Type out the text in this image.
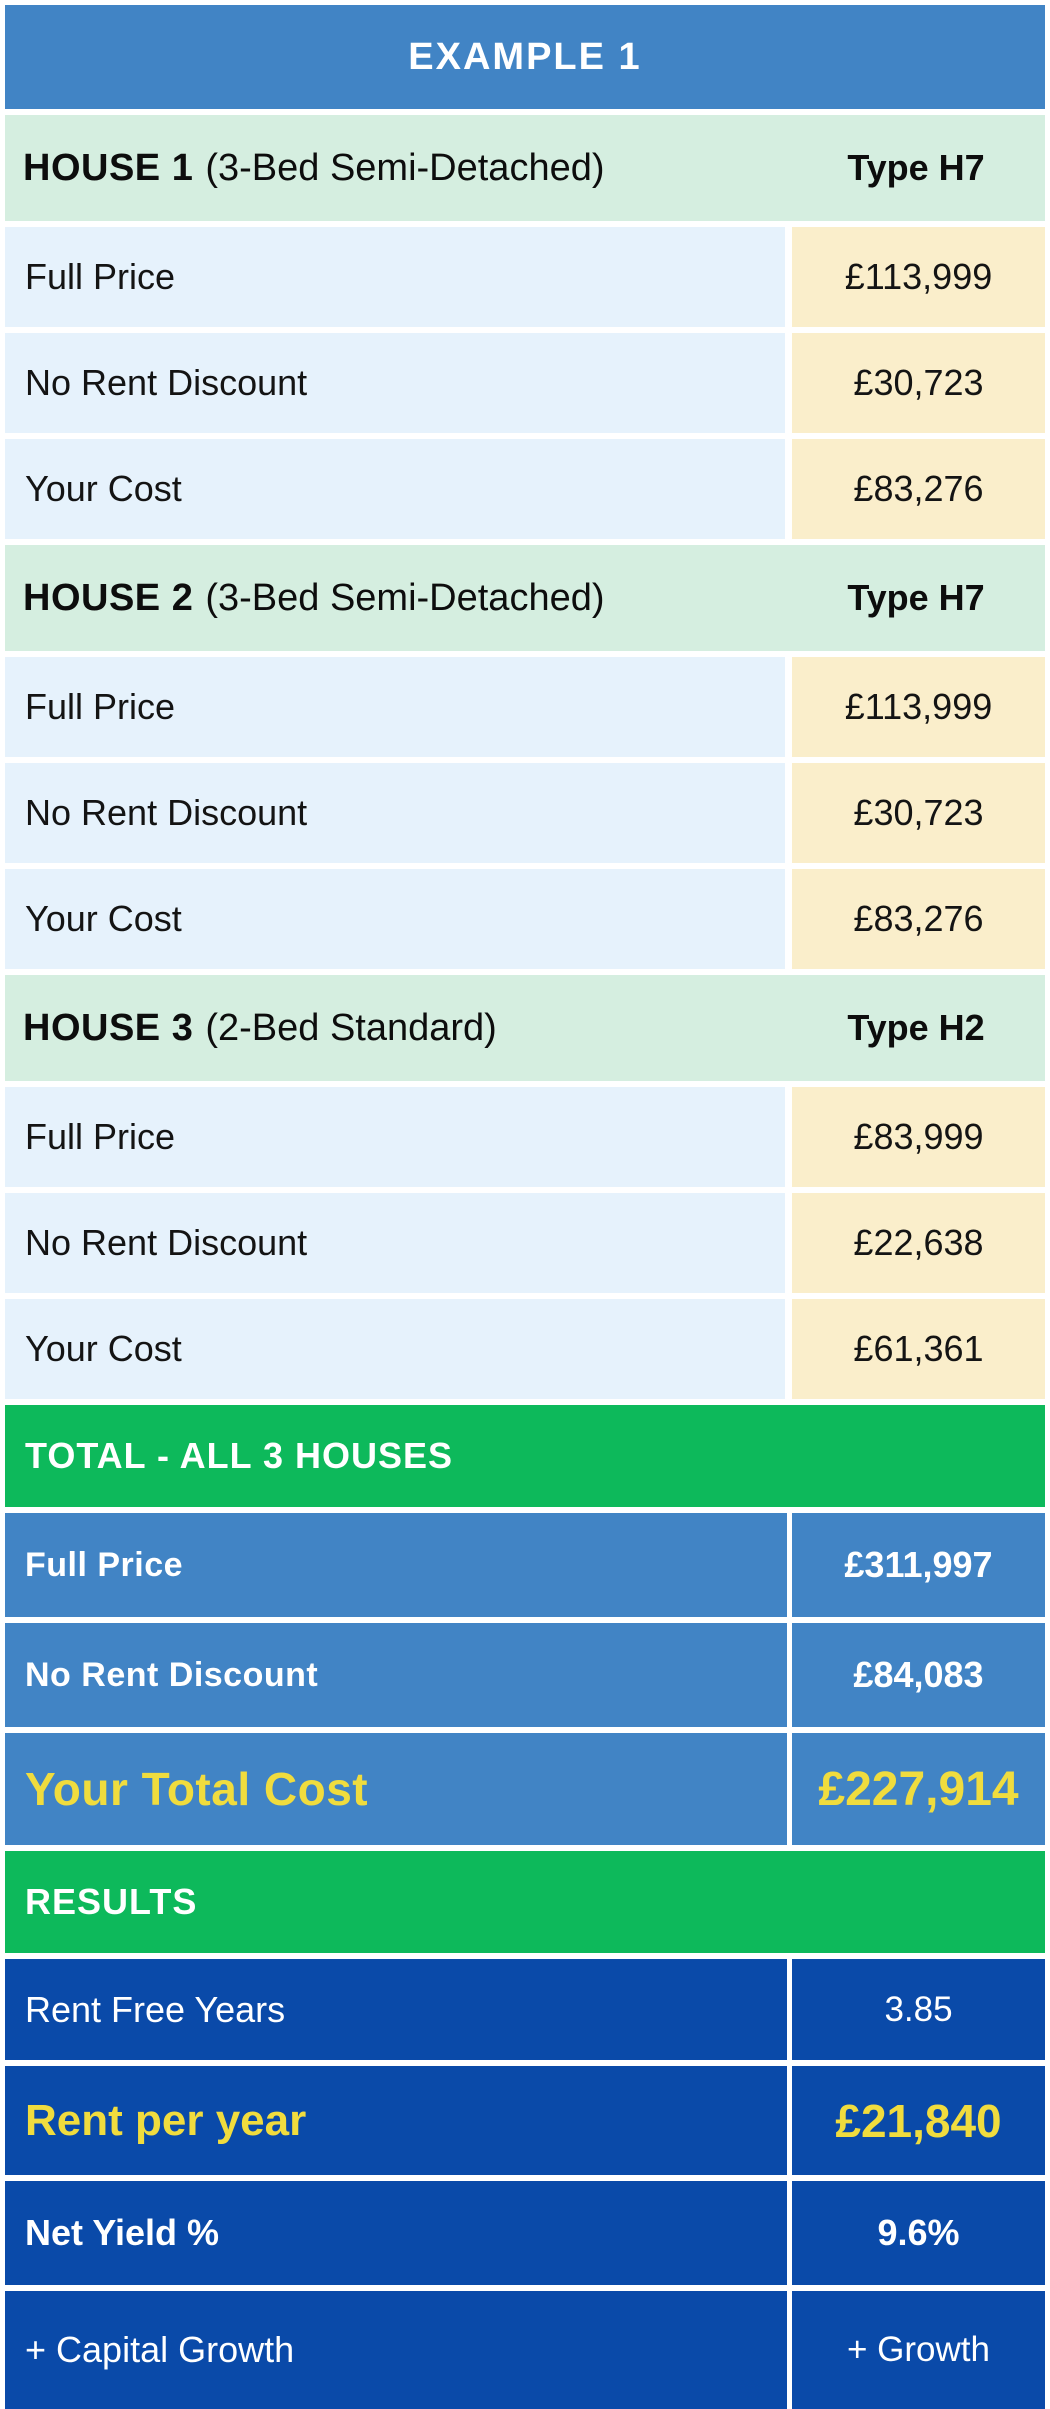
EXAMPLE 1
HOUSE 1 (3-Bed Semi-Detached)	Type H7
Full Price	£113,999
No Rent Discount	£30,723
Your Cost	£83,276
HOUSE 2 (3-Bed Semi-Detached)	Type H7
Full Price	£113,999
No Rent Discount	£30,723
Your Cost	£83,276
HOUSE 3 (2-Bed Standard)	Type H2
Full Price	£83,999
No Rent Discount	£22,638
Your Cost	£61,361
TOTAL - ALL 3 HOUSES
Full Price	£311,997
No Rent Discount	£84,083
Your Total Cost	£227,914
RESULTS
Rent Free Years	3.85
Rent per year	£21,840
Net Yield %	9.6%
+ Capital Growth	+ Growth
